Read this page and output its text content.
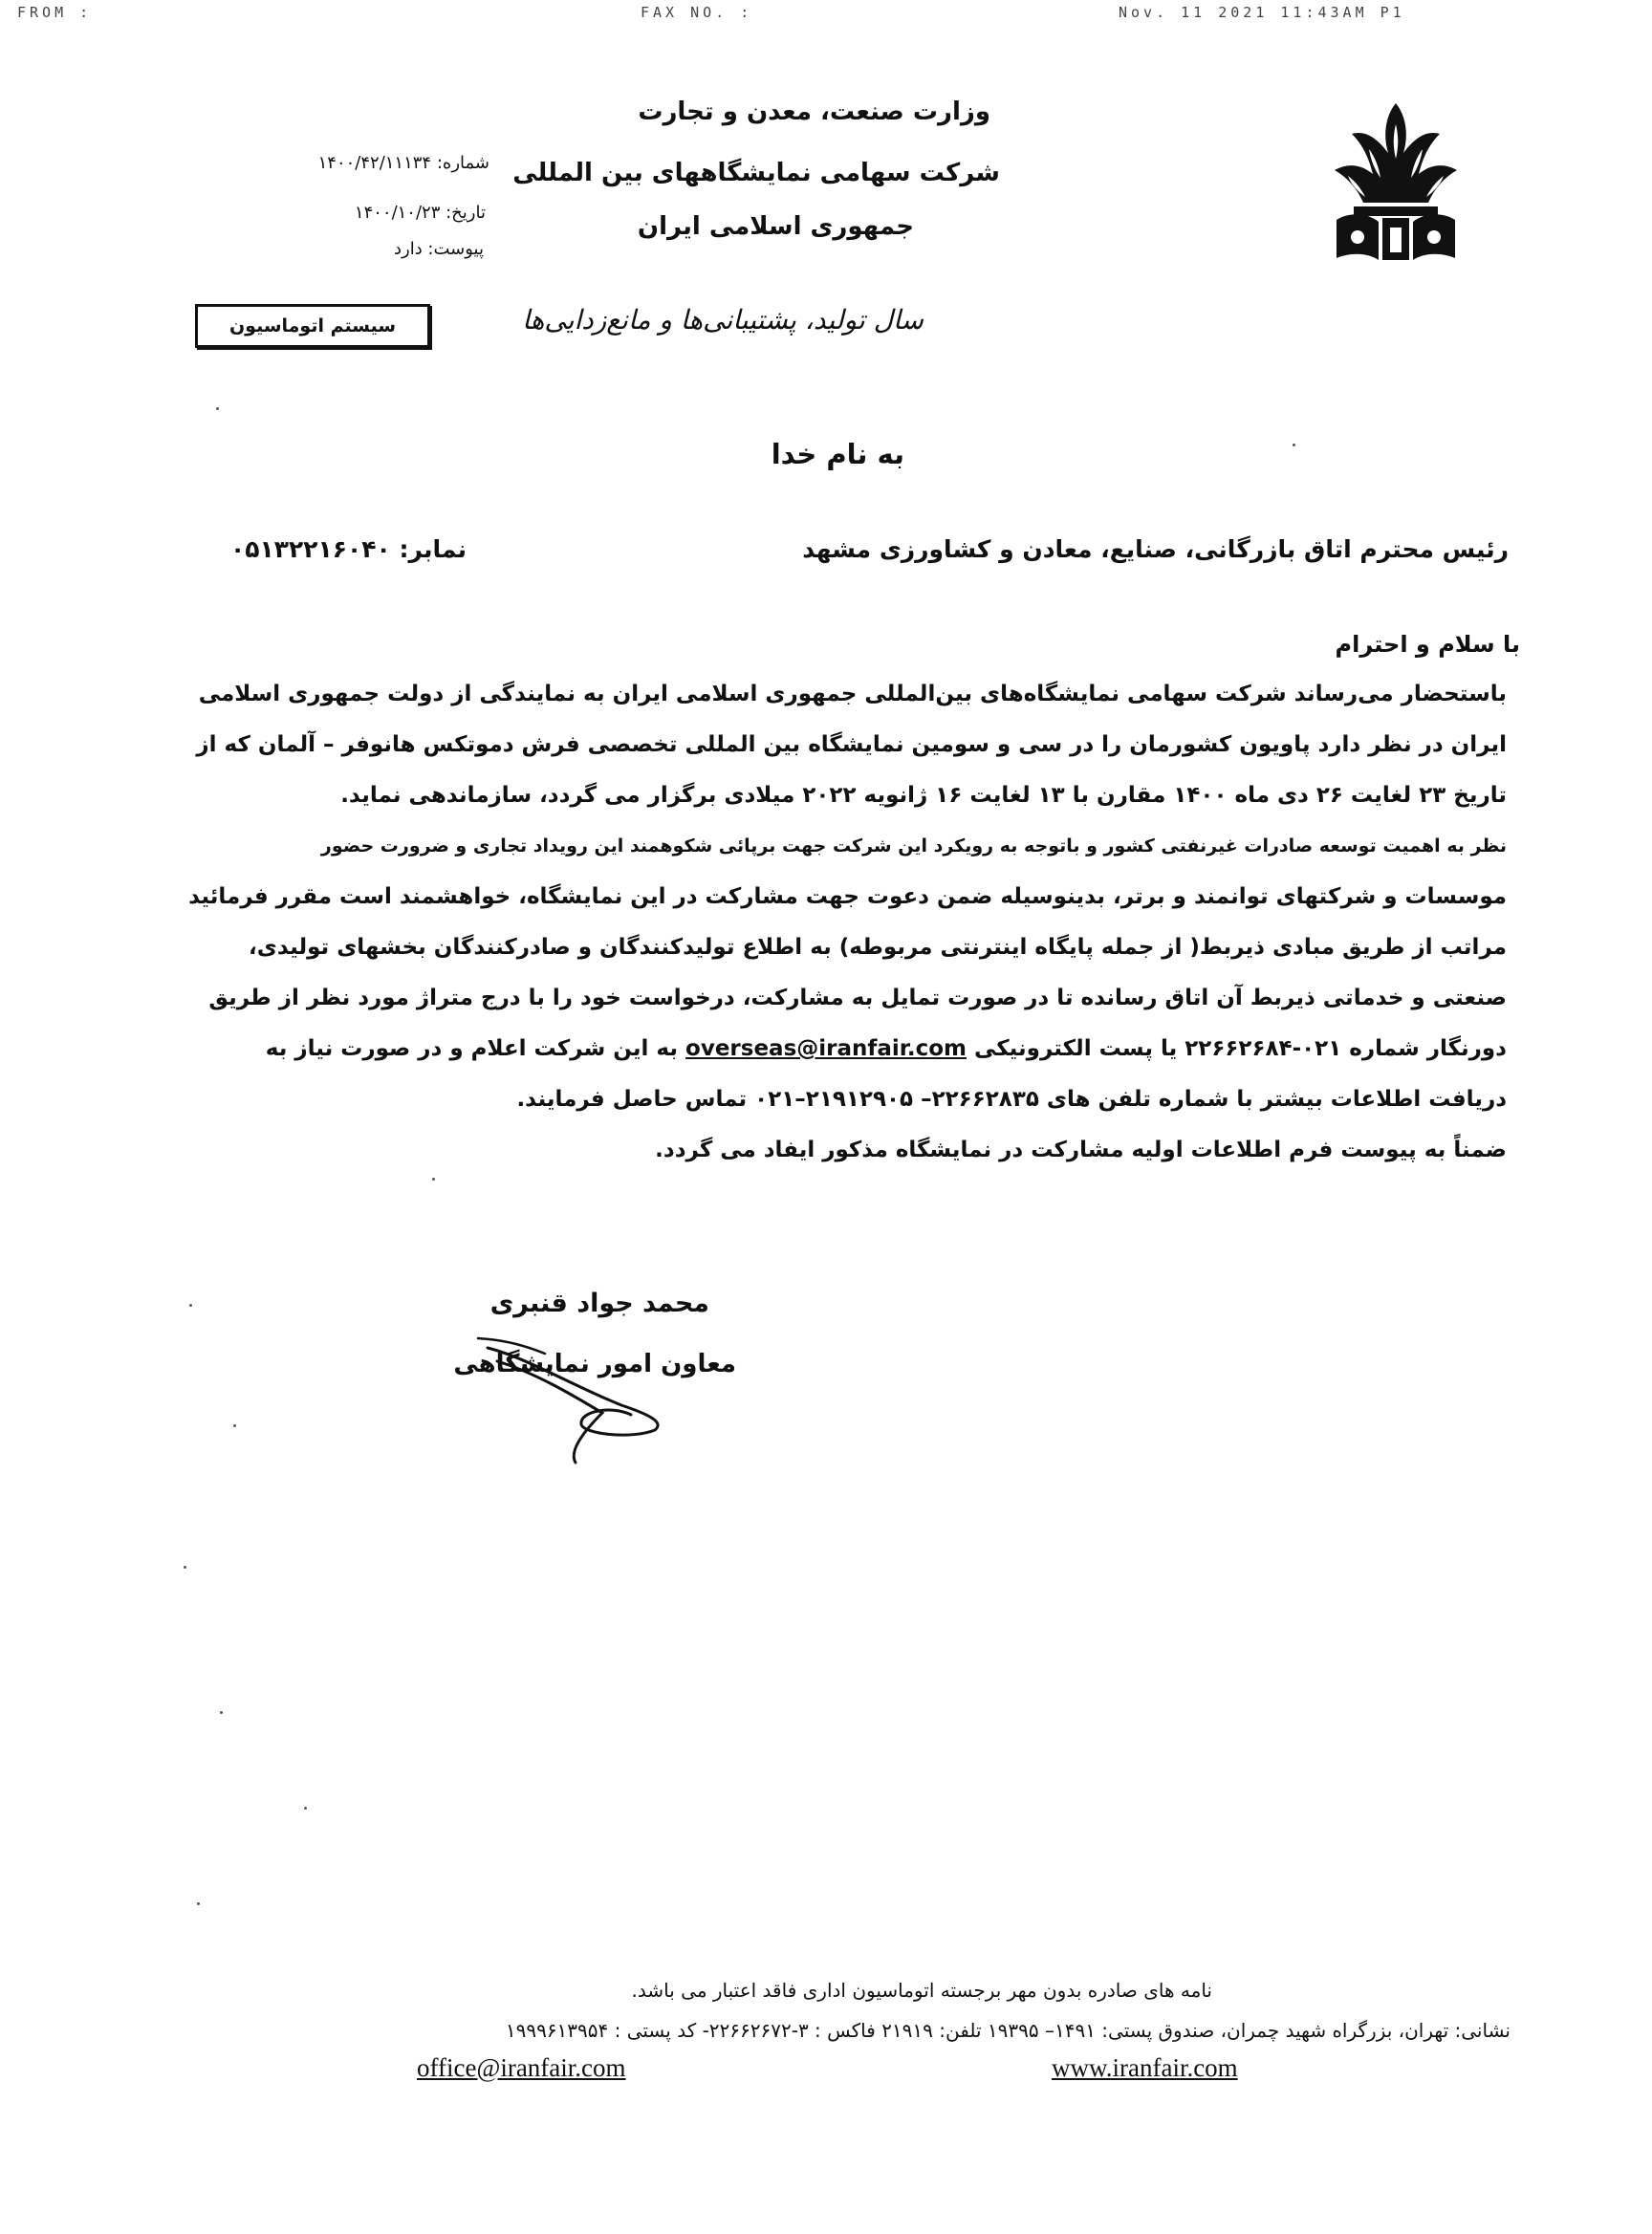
FROM :	FAX NO. :	Nov. 11 2021 11:43AM P1
وزارت صنعت، معدن و تجارت
شرکت سهامی نمایشگاههای بین المللی
جمهوری اسلامی ایران
سال تولید، پشتیبانی‌ها و مانع‌زدایی‌ها
شماره: ۱۴۰۰/۴۲/۱۱۱۳۴
تاریخ: ۱۴۰۰/۱۰/۲۳
پیوست: دارد
سیستم اتوماسیون
به نام خدا
رئیس محترم اتاق بازرگانی، صنایع، معادن و کشاورزی مشهد
نمابر: ۰۵۱۳۲۲۱۶۰۴۰
با سلام و احترام

باستحضار می‌رساند شرکت سهامی نمایشگاه‌های بین‌المللی جمهوری اسلامی ایران به نمایندگی از دولت جمهوری اسلامی ایران در نظر دارد پاویون کشورمان را در سی و سومین نمایشگاه بین المللی تخصصی فرش دموتکس هانوفر – آلمان که از تاریخ ۲۳ لغایت ۲۶ دی ماه ۱۴۰۰ مقارن با ۱۳ لغایت ۱۶ ژانویه ۲۰۲۲ میلادی برگزار می گردد، سازماندهی نماید.

نظر به اهمیت توسعه صادرات غیرنفتی کشور و باتوجه به رویکرد این شرکت جهت برپائی شکوهمند این رویداد تجاری و ضرورت حضور

موسسات و شرکتهای توانمند و برتر، بدینوسیله ضمن دعوت جهت مشارکت در این نمایشگاه، خواهشمند است مقرر فرمائید مراتب از طریق مبادی ذیربط( از جمله پایگاه اینترنتی مربوطه) به اطلاع تولیدکنندگان و صادرکنندگان بخشهای تولیدی، صنعتی و خدماتی ذیربط آن اتاق رسانده تا در صورت تمایل به مشارکت، درخواست خود را با درج متراژ مورد نظر از طریق دورنگار شماره ۰۲۱-۲۲۶۶۲۶۸۴ یا پست الکترونیکی overseas@iranfair.com به این شرکت اعلام و در صورت نیاز به دریافت اطلاعات بیشتر با شماره تلفن های ۲۲۶۶۲۸۳۵– ۲۱۹۱۲۹۰۵–۰۲۱ تماس حاصل فرمایند.

ضمناً به پیوست فرم اطلاعات اولیه مشارکت در نمایشگاه مذکور ایفاد می گردد.

محمد جواد قنبری
معاون امور نمایشگاهی
نامه های صادره بدون مهر برجسته اتوماسیون اداری فاقد اعتبار می باشد.
نشانی: تهران، بزرگراه شهید چمران، صندوق پستی: ۱۴۹۱– ۱۹۳۹۵ تلفن: ۲۱۹۱۹ فاکس : ۳-۲۲۶۶۲۶۷۲- کد پستی : ۱۹۹۹۶۱۳۹۵۴
office@iranfair.com	www.iranfair.com
